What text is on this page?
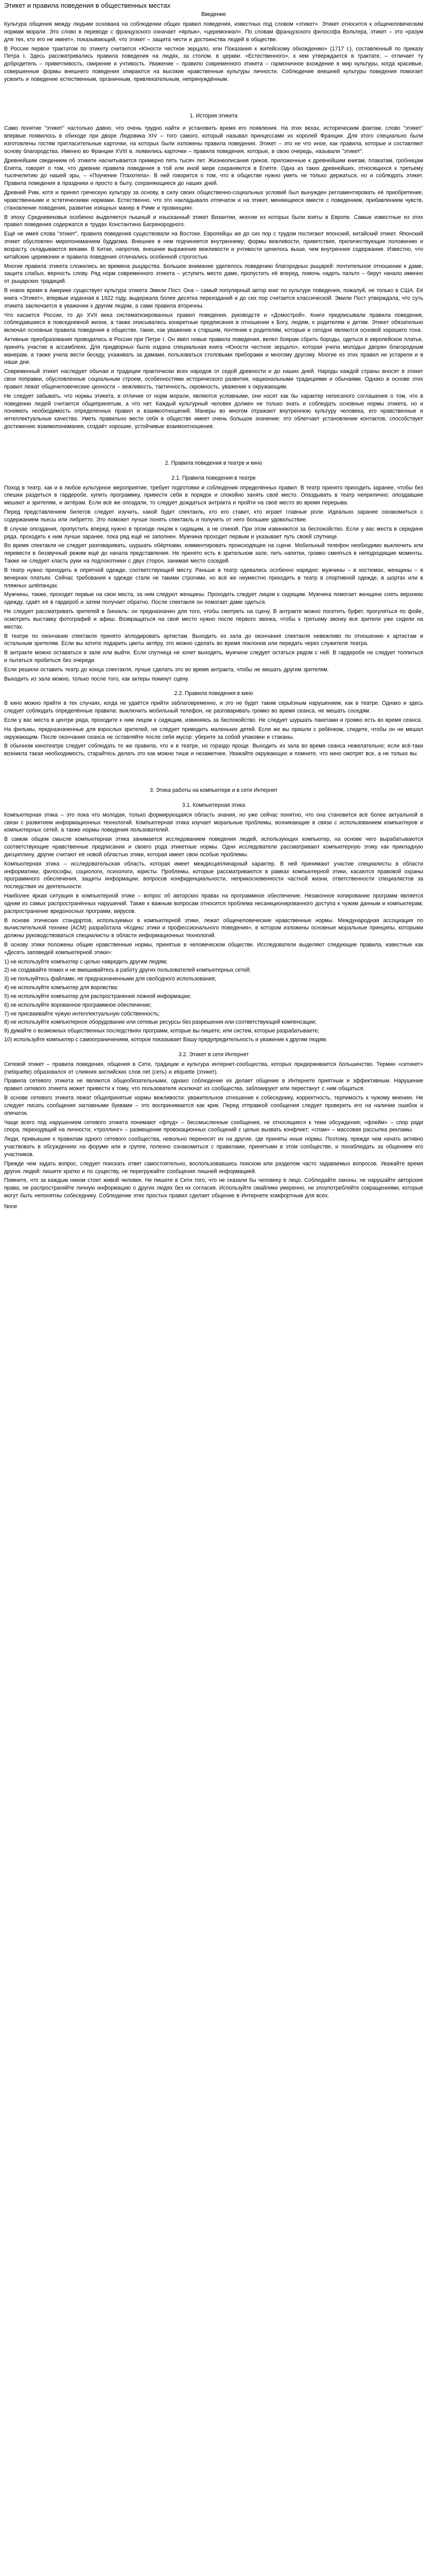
Этикет и правила поведения в общественных местах
Введение

Культура общения между людьми основана на соблюдении общих правил поведения, известных под словом «этикет». Этикет относится к общечеловеческим нормам морали. Это слово в переводе с французского означает «ярлык», «церемониал». По словам французского философа Вольтера, этикет – это «разум для тех, кто его не имеет», показывающий, что этикет – защита чести и достоинства людей в обществе.

В России первое трактатом по этикету считается «Юности честное зерцало, или Показания к житейскому обхождению» (1717 г.), составленный по приказу Петра I. Здесь рассматривались правила поведения на людях, за столом, в церкви. «Естественного», к кем утверждается в трактате, – отличает ту добродетель – приветливость, смирение и учтивость. Уважение – правило современного этикета – гармоничное вхождение в мир культуры, когда красивые, совершенные формы внешнего поведения опираются на высокие нравственные культуры личности. Соблюдение внешней культуры поведения помогает усвоить и поведение естественным, органичным, привлекательным, непринуждённым.

1. История этикета

Само понятие "этикет" настолько давно, что очень трудно найти и установить время его появления. На этих вехах, историческим фактам, слово "этикет" впервые появилось в обиходе при дворе Людовика XIV – того самого, который называл принцессами их королей Франции. Для этого специально были изготовлены гостям пригласительные карточки, на которых были изложены правила поведения. Этикет – это не что иное, как правила, которые и составляют основу благородства. Именно во Франции XVIII в. появились карточки – правила поведения, которые, в свою очередь, называли "этикет".

Древнейшим сведением об этикете насчитывается примерно пять тысяч лет. Жизнеописания греков, приложенные к древнейшим книгам, плакатам, гробницам Египта, говорят о том, что древние правила поведения в той или иной мере сохраняются в Египте. Одна из таких древнейших, относящихся к третьему тысячелетию до нашей эры, – «Поучение Птахотепа». В ней говорится о том, что в обществе нужно уметь не только держаться, но и соблюдать этикет. Правила поведения в праздники и просто в быту, сохраняющиеся до наших дней.

Древний Рим, котя и принял греческую культуру за основу, в силу своих общественно-социальных условий был вынужден регламентировать её приобретение, нравственными и эстетическими нормами. Естественно, что это накладывало отпечаток и на этикет, меняющееся вместе с поведением, прибавлением чувств, становление поведения, развитие изящных манер в Риме и провинциях.

В эпоху Средневековья особенно выделяется пышный и изысканный этикет Византии, многие из которых были взяты в Европе. Самые известные из этих правил поведения содержатся в трудах Константина Багрянородного.

Ещё не имея слова "этикет", правила поведения существовали на Востоке. Европейцы же до сих пор с трудом постигают японский, китайский этикет. Японский этикет обусловлен миропониманием буддизма. Внешнее в нем подчиняется внутреннему; формы вежливости, приветствия, приличествующие положению и возрасту, складываются веками. В Китае, напротив, внешнее выражение вежливости и учтивости ценилось выше, чем внутреннее содержание. Известно, что китайские церемонии и правила поведения отличались особенной строгостью.

Многие правила этикета сложились во времена рыцарства. Большое внимание уделялось поведению благородных рыцарей: почтительное отношение к даме, защита слабых, верность слову. Ряд норм современного этикета – уступить место даме, пропустить её вперед, помочь надеть пальто – берут начало именно от рыцарских традиций.

В новое время в Америке существует культура этикета Эмили Пост. Она – самый популярный автор книг по культуре поведения, пожалуй, не только в США. Её книга «Этикет», впервые изданная в 1922 году, выдержала более десятка переизданий и до сих пор считается классической. Эмили Пост утверждала, что суть этикета заключается в уважении к другим людям, а сами правила вторичны.

Что касается России, то до XVII века систематизированных правил поведения, руководств и «Домострой». Книги предписывали правила поведения, соблюдавшиеся в повседневной жизни, а также описывались конкретные предписания в отношении к Богу, людям, к родителям и детям. Этикет обязательно включал основные правила поведения в обществе, такие, как уважение к старшим, почтение к родителям, которые и сегодня являются основой хорошего тона.

Активные преобразования проводились в России при Петре I. Он ввёл новые правила поведения, велел боярам сбрить бороды, одеться в европейское платье, принять участие в ассамблеях. Для придворных была издана специальная книга «Юности честное зерцало», которая учила молодых дворян благородным манерам, а также учила вести беседу, ухаживать за дамами, пользоваться столовыми приборами и многому другому. Многие из этих правил не устарели и в наши дни.

Современный этикет наследует обычаи и традиции практически всех народов от седой древности и до наших дней. Народы каждой страны вносят в этикет свои поправки, обусловленные социальным строем, особенностями исторического развития, национальными традициями и обычаями. Однако в основе этих правил лежат общечеловеческие ценности – вежливость, тактичность, скромность, уважение к окружающим.

Не следует забывать, что нормы этикета, в отличие от норм морали, являются условными, они носят как бы характер неписаного соглашения о том, что в поведении людей считается общепринятым, а что нет. Каждый культурный человек должен не только знать и соблюдать основные нормы этикета, но и понимать необходимость определенных правил и взаимоотношений. Манеры во многом отражают внутреннюю культуру человека, его нравственные и интеллектуальные качества. Уметь правильно вести себя в обществе имеет очень большое значение: это облегчает установление контактов, способствует достижению взаимопонимания, создаёт хорошие, устойчивые взаимоотношения.

2. Правила поведения в театре и кино
2.1. Правила поведения в театре

Поход в театр, как и в любое культурное мероприятие, требует подготовки и соблюдения определённых правил. В театр принято приходить заранее, чтобы без спешки раздеться в гардеробе, купить программку, привести себя в порядок и спокойно занять своё место. Опаздывать в театр неприлично: опоздавшие мешают и зрителям, и актёрам. Если всё же опоздали, то следует дождаться антракта и пройти на своё место во время перерыва.

Перед представлением билетов следует изучить, какой будет спектакль, кто его ставит, кто играет главные роли. Идеально заранее ознакомиться с содержанием пьесы или либретто. Это поможет лучше понять спектакль и получить от него большее удовольствие.

В случае опоздания, пропустить вперед нужно в проходе лицом к сидящим, а не спиной. При этом извиняются за беспокойство. Если у вас места в середине ряда, проходить к ним лучше заранее, пока ряд ещё не заполнен. Мужчина проходит первым и указывает путь своей спутнице.

Во время спектакля не следует разговаривать, шуршать обёртками, комментировать происходящее на сцене. Мобильный телефон необходимо выключить или перевести в беззвучный режим ещё до начала представления. Не принято есть в зрительном зале, пить напитки, громко смеяться в неподходящие моменты. Также не следует класть руки на подлокотники с двух сторон, занимая место соседей.

В театр нужно приходить в опрятной одежде, соответствующей месту. Раньше в театр одевались особенно нарядно: мужчины – в костюмах, женщины – в вечерних платьях. Сейчас требования к одежде стали не такими строгими, но всё же неуместно приходить в театр в спортивной одежде, в шортах или в пляжных шлёпанцах.

Мужчины, также, проходят первые на свои места, за ним следуют женщины. Проходить следует лицом к сидящим. Мужчина помогает женщине снять верхнюю одежду, сдаёт её в гардероб и затем получает обратно. После спектакля он помогает даме одеться.

Не следует рассматривать зрителей в бинокль: он предназначен для того, чтобы смотреть на сцену. В антракте можно посетить буфет, прогуляться по фойе, осмотреть выставку фотографий и афиш. Возвращаться на своё место нужно после первого звонка, чтобы к третьему звонку все зрители уже сидели на местах.

В театре по окончании спектакля принято аплодировать артистам. Выходить из зала до окончания спектакля невежливо по отношению к артистам и остальным зрителям. Если вы хотите подарить цветы актёру, это можно сделать во время поклонов или передать через служителя театра.

В антракте можно оставаться в зале или выйти. Если спутница не хочет выходить, мужчине следует остаться рядом с ней. В гардеробе не следует толпиться и пытаться пробиться без очереди.

Если решили оставить театр до конца спектакля, лучше сделать это во время антракта, чтобы не мешать другим зрителям.

Выходить из зала можно, только после того, как актеры покинут сцену.

2.2. Правила поведения в кино

В кино можно прийти в тех случаях, когда не удаётся прийти заблаговременно, и это не будет таким серьёзным нарушением, как в театре. Однако и здесь следует соблюдать определённые правила: выключить мобильный телефон, не разговаривать громко во время сеанса, не мешать соседям.

Если у вас места в центре ряда, проходите к ним лицом к сидящим, извиняясь за беспокойство. Не следует шуршать пакетами и громко есть во время сеанса.

На фильмы, предназначенные для взрослых зрителей, не следует приводить маленьких детей. Если же вы пришли с ребёнком, следите, чтобы он не мешал окружающим. После окончания сеанса не оставляйте после себя мусор: уберите за собой упаковки и стаканы.

В обычном кинотеатре следует соблюдать те же правила, что и в театре, но гораздо проще. Выходить из зала во время сеанса нежелательно; если всё-таки возникла такая необходимость, старайтесь делать это как можно тише и незаметнее. Уважайте окружающих и помните, что кино смотрят все, а не только вы.

3. Этика работы на компьютере и в сети Интернет
3.1. Компьютерная этика

Компьютерная этика – это пока что молодая, только формирующаяся область знания, но уже сейчас понятно, что она становится всё более актуальной в связи с развитием информационных технологий. Компьютерная этика изучает моральные проблемы, возникающие в связи с использованием компьютеров и компьютерных сетей, а также нормы поведения пользователей.

В самом общем смысле компьютерная этика занимается исследованием поведения людей, использующих компьютер, на основе чего вырабатываются соответствующие нравственные предписания и своего рода этикетные нормы. Одни исследователи рассматривают компьютерную этику как прикладную дисциплину, другие считают её новой областью этики, которая имеет свои особые проблемы.

Компьютерная этика – исследовательская область, которая имеет междисциплинарный характер. В ней принимают участие специалисты в области информатики, философы, социологи, психологи, юристы. Проблемы, которые рассматриваются в рамках компьютерной этики, касаются правовой охраны программного обеспечения, защиты информации, вопросов конфиденциальности, неприкосновенности частной жизни, ответственности специалистов за последствия их деятельности.

Наиболее яркая ситуация в компьютерной этике – вопрос об авторских правах на программное обеспечение. Незаконное копирование программ является одним из самых распространённых нарушений. Также к важным вопросам относится проблема несанкционированного доступа к чужим данным и компьютерам, распространение вредоносных программ, вирусов.

В основе этических стандартов, используемых в компьютерной этике, лежат общечеловеческие нравственные нормы. Международная ассоциация по вычислительной технике (ACM) разработала «Кодекс этики и профессионального поведения», в котором изложены основные моральные принципы, которыми должны руководствоваться специалисты в области информационных технологий.

В основу этики положены общие нравственные нормы, принятые в человеческом обществе. Исследователи выделяют следующие правила, известные как «Десять заповедей компьютерной этики»:

1) не используйте компьютер с целью навредить другим людям;
2) не создавайте помех и не вмешивайтесь в работу других пользователей компьютерных сетей;
3) не пользуйтесь файлами, не предназначенными для свободного использования;
4) не используйте компьютер для воровства;
5) не используйте компьютер для распространения ложной информации;
6) не используйте ворованное программное обеспечение;
7) не присваивайте чужую интеллектуальную собственность;
8) не используйте компьютерное оборудование или сетевые ресурсы без разрешения или соответствующей компенсации;
9) думайте о возможных общественных последствиях программ, которые вы пишете, или систем, которые разрабатываете;
10) используйте компьютер с самоограничением, которое показывает Вашу предупредительность и уважение к другим людям.
3.2. Этикет в сети Интернет

Сетевой этикет – правила поведения, общения в Сети, традиции и культура интернет-сообщества, которых придерживается большинство. Термин «сетикет» (netiquette) образовался от слияния английских слов net (сеть) и etiquette (этикет).

Правила сетевого этикета не являются общеобязательными, однако соблюдение их делает общение в Интернете приятным и эффективным. Нарушение правил сетевого этикета может привести к тому, что пользователя исключат из сообщества, заблокируют или перестанут с ним общаться.

В основе сетевого этикета лежат общепринятые нормы вежливости: уважительное отношение к собеседнику, корректность, терпимость к чужому мнению. Не следует писать сообщения заглавными буквами – это воспринимается как крик. Перед отправкой сообщения следует проверить его на наличие ошибок и опечаток.

Чаще всего под нарушением сетевого этикета понимают «флуд» – бессмысленные сообщения, не относящиеся к теме обсуждения; «флейм» – спор ради спора, переходящий на личности; «троллинг» – размещение провокационных сообщений с целью вызвать конфликт; «спам» – массовая рассылка рекламы.

Люди, привыкшие к правилам одного сетевого сообщества, невольно переносят их на другие, где приняты иные нормы. Поэтому, прежде чем начать активно участвовать в обсуждениях на форуме или в группе, полезно ознакомиться с правилами, принятыми в этом сообществе, и понаблюдать за общением его участников.

Прежде чем задать вопрос, следует поискать ответ самостоятельно, воспользовавшись поиском или разделом часто задаваемых вопросов. Уважайте время других людей: пишите кратко и по существу, не перегружайте сообщения лишней информацией.

Помните, что за каждым ником стоит живой человек. Не пишите в Сети того, что не сказали бы человеку в лицо. Соблюдайте законы, не нарушайте авторские права, не распространяйте личную информацию о других людях без их согласия. Используйте смайлики умеренно, не злоупотребляйте сокращениями, которые могут быть непонятны собеседнику. Соблюдение этих простых правил сделает общение в Интернете комфортным для всех.

None
